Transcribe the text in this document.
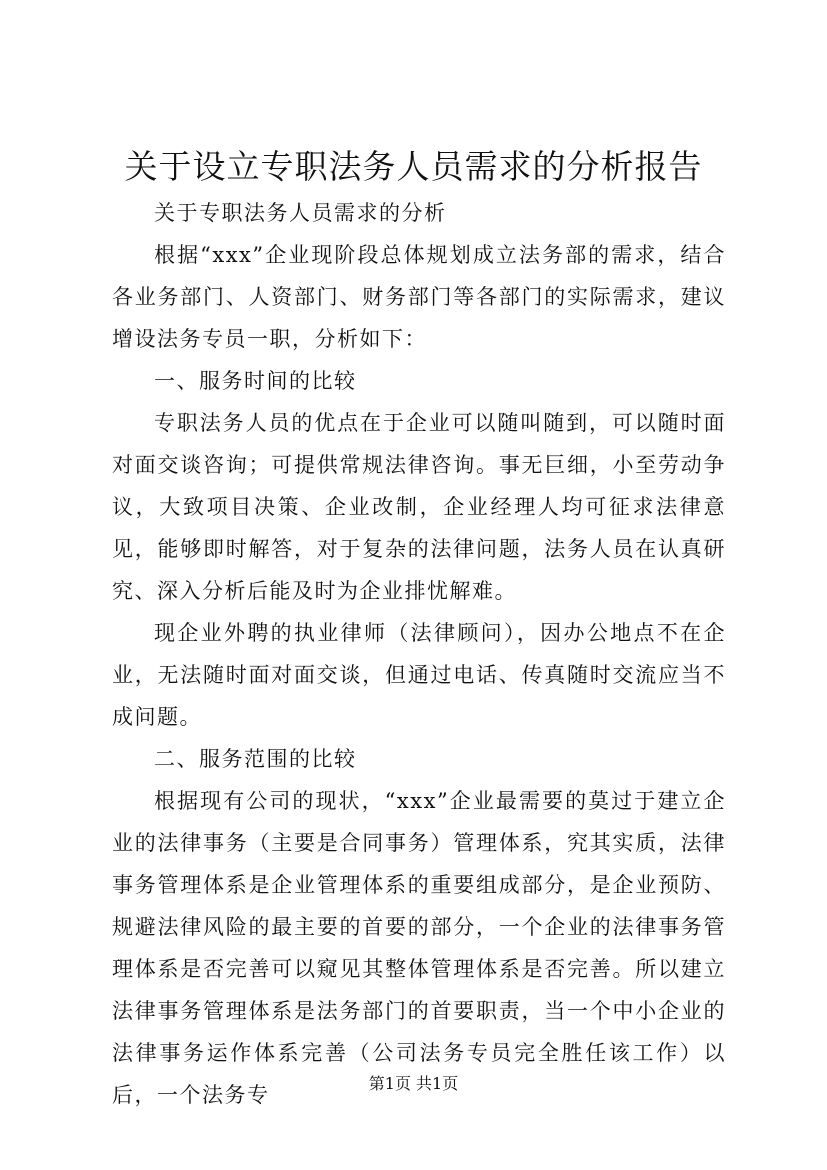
关于设立专职法务人员需求的分析报告

关于专职法务人员需求的分析

根据“xxx”企业现阶段总体规划成立法务部的需求，结合各业务部门、人资部门、财务部门等各部门的实际需求，建议增设法务专员一职，分析如下：

一、服务时间的比较

专职法务人员的优点在于企业可以随叫随到，可以随时面对面交谈咨询；可提供常规法律咨询。事无巨细，小至劳动争议，大致项目决策、企业改制，企业经理人均可征求法律意见，能够即时解答，对于复杂的法律问题，法务人员在认真研究、深入分析后能及时为企业排忧解难。

现企业外聘的执业律师（法律顾问），因办公地点不在企业，无法随时面对面交谈，但通过电话、传真随时交流应当不成问题。

二、服务范围的比较

根据现有公司的现状，“xxx”企业最需要的莫过于建立企业的法律事务（主要是合同事务）管理体系，究其实质，法律事务管理体系是企业管理体系的重要组成部分，是企业预防、规避法律风险的最主要的首要的部分，一个企业的法律事务管理体系是否完善可以窥见其整体管理体系是否完善。所以建立法律事务管理体系是法务部门的首要职责，当一个中小企业的法律事务运作体系完善（公司法务专员完全胜任该工作）以后，一个法务专	第1页 共1页
